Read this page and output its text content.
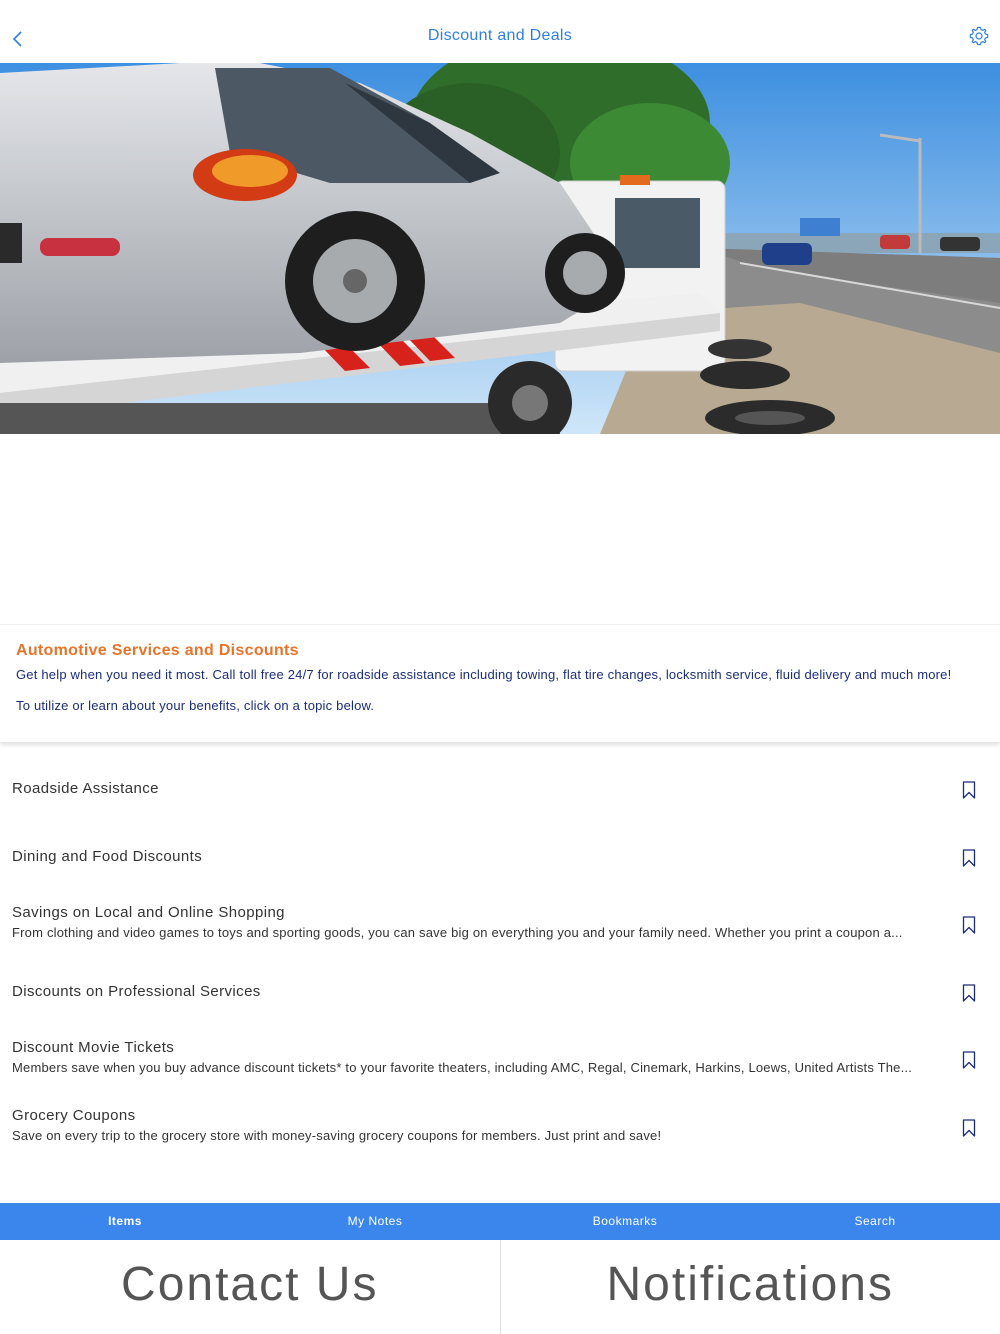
Discount and Deals
Automotive Services and Discounts
Get help when you need it most. Call toll free 24/7 for roadside assistance including towing, flat tire changes, locksmith service, fluid delivery and much more!
To utilize or learn about your benefits, click on a topic below.
Roadside Assistance
Dining and Food Discounts
Savings on Local and Online Shopping
From clothing and video games to toys and sporting goods, you can save big on everything you and your family need. Whether you print a coupon a...
Discounts on Professional Services
Discount Movie Tickets
Members save when you buy advance discount tickets* to your favorite theaters, including AMC, Regal, Cinemark, Harkins, Loews, United Artists The...
Grocery Coupons
Save on every trip to the grocery store with money-saving grocery coupons for members. Just print and save!
Items	My Notes	Bookmarks	Search
Contact Us	Notifications
